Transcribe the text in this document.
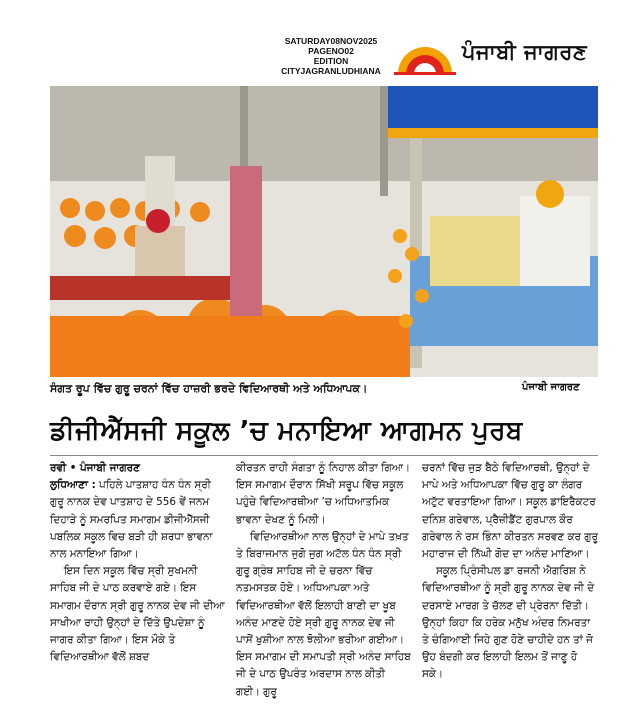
SATURDAY08NOV2025
PAGENO02
EDITION
CITYJAGRANLUDHIANA
ਪੰਜਾਬੀ ਜਾਗਰਣ
ਸੰਗਤ ਰੂਪ ਵਿੱਚ ਗੁਰੂ ਚਰਨਾਂ ਵਿੱਚ ਹਾਜ਼ਰੀ ਭਰਦੇ ਵਿਦਿਆਰਥੀ ਅਤੇ ਅਧਿਆਪਕ।	ਪੰਜਾਬੀ ਜਾਗਰਣ
ਡੀਜੀਐੱਸਜੀ ਸਕੂਲ ’ਚ ਮਨਾਇਆ ਆਗਮਨ ਪੁਰਬ

ਰਵੀ • ਪੰਜਾਬੀ ਜਾਗਰਣ

ਲੁਧਿਆਣਾ : ਪਹਿਲੇ ਪਾਤਸ਼ਾਹ ਧੰਨ ਧੰਨ ਸ੍ਰੀ ਗੁਰੂ ਨਾਨਕ ਦੇਵ ਪਾਤਸ਼ਾਹ ਦੇ 556 ਵੇਂ ਜਨਮ ਦਿਹਾੜੇ ਨੂੰ ਸਮਰਪਿਤ ਸਮਾਗਮ ਡੀਜੀਐੱਸਜੀ ਪਬਲਿਕ ਸਕੂਲ ਵਿਚ ਬੜੀ ਹੀ ਸ਼ਰਧਾ ਭਾਵਨਾ ਨਾਲ ਮਨਾਇਆ ਗਿਆ।

ਇਸ ਦਿਨ ਸਕੂਲ ਵਿੱਚ ਸ੍ਰੀ ਸੁਖਮਨੀ ਸਾਹਿਬ ਜੀ ਦੇ ਪਾਠ ਕਰਵਾਏ ਗਏ। ਇਸ ਸਮਾਗਮ ਦੌਰਾਨ ਸ੍ਰੀ ਗੁਰੂ ਨਾਨਕ ਦੇਵ ਜੀ ਦੀਆ ਸਾਖੀਆ ਰਾਹੀ ਉਨ੍ਹਾਂ ਦੇ ਦਿੱਤੇ ਉਪਦੇਸ਼ਾ ਨੂੰ ਜਾਗਰ ਕੀਤਾ ਗਿਆ। ਇਸ ਮੌਕੇ ਤੇ ਵਿਦਿਆਰਥੀਆ ਵੱਲੋਂ ਸ਼ਬਦ

ਕੀਰਤਨ ਰਾਹੀ ਸੰਗਤਾ ਨੂੰ ਨਿਹਾਲ ਕੀਤਾ ਗਿਆ। ਇਸ ਸਮਾਗਮ ਦੌਰਾਨ ਸਿੱਖੀ ਸਰੂਪ ਵਿੱਚ ਸਕੂਲ ਪਹੁੰਚੇ ਵਿਦਿਆਰਥੀਆ ’ਚ ਅਧਿਆਤਮਿਕ ਭਾਵਨਾ ਦੇਖਣ ਨੂੰ ਮਿਲੀ।

ਵਿਦਿਆਰਥੀਆ ਨਾਲ ਉਨ੍ਹਾਂ ਦੇ ਮਾਪੇ ਤਖ਼ਤ ਤੇ ਬਿਰਾਜਮਾਨ ਜੁਗੋ ਜੁਗ ਅਟੱਲ ਧੰਨ ਧੰਨ ਸ੍ਰੀ ਗੁਰੂ ਗ੍ਰੰਥ ਸਾਹਿਬ ਜੀ ਦੇ ਚਰਨਾ ਵਿੱਚ ਨਤਮਸਤਕ ਹੋਏ। ਅਧਿਆਪਕਾ ਅਤੇ ਵਿਦਿਆਰਥੀਆ ਵੱਲੋਂ ਇਲਾਹੀ ਬਾਣੀ ਦਾ ਖੂਬ ਅਨੰਦ ਮਾਣਦੇ ਹੋਏ ਸ੍ਰੀ ਗੁਰੂ ਨਾਨਕ ਦੇਵ ਜੀ ਪਾਸੋਂ ਖੁਸ਼ੀਆ ਨਾਲ ਝੋਲੀਆ ਭਰੀਆ ਗਈਆ। ਇਸ ਸਮਾਗਮ ਦੀ ਸਮਾਪਤੀ ਸ੍ਰੀ ਅਨੰਦ ਸਾਹਿਬ ਜੀ ਦੇ ਪਾਠ ਉਪਰੰਤ ਅਰਦਾਸ ਨਾਲ ਕੀਤੀ ਗਈ। ਗੁਰੂ

ਚਰਨਾਂ ਵਿੱਚ ਜੁੜ ਬੈਠੇ ਵਿਦਿਆਰਥੀ, ਉਨ੍ਹਾਂ ਦੇ ਮਾਪੇ ਅਤੇ ਅਧਿਆਪਕਾ ਵਿੱਚ ਗੁਰੂ ਕਾ ਲੰਗਰ ਅਟੁੱਟ ਵਰਤਾਇਆ ਗਿਆ। ਸਕੂਲ ਡਾਇਰੈਕਟਰ ਦਨਿਸ਼ ਗਰੇਵਾਲ, ਪ੍ਰੈਜ਼ੀਡੈਂਟ ਗੁਰਪਾਲ ਕੌਰ ਗਰੇਵਾਲ ਨੇ ਰਸ ਭਿੰਨਾ ਕੀਰਤਨ ਸਰਵਣ ਕਰ ਗੁਰੂ ਮਹਾਰਾਜ ਦੀ ਨਿੱਘੀ ਗੋਦ ਦਾ ਅਨੰਦ ਮਾਣਿਆ।

ਸਕੂਲ ਪ੍ਰਿੰਸੀਪਲ ਡਾ ਰਜਨੀ ਐਗਰਿਸ਼ ਨੇ ਵਿਦਿਆਰਥੀਆ ਨੂੰ ਸ੍ਰੀ ਗੁਰੂ ਨਾਨਕ ਦੇਵ ਜੀ ਦੇ ਦਰਸਾਏ ਮਾਰਗ ਤੇ ਚੱਲਣ ਦੀ ਪ੍ਰੇਰਨਾ ਦਿੱਤੀ। ਉਨ੍ਹਾਂ ਕਿਹਾ ਕਿ ਹਰੇਕ ਮਨੁੱਖ ਅੰਦਰ ਨਿਮਰਤਾ ਤੇ ਚੰਗਿਆਈ ਜਿਹੇ ਗੁਣ ਹੋਣੇ ਚਾਹੀਦੇ ਹਨ ਤਾਂ ਜੋ ਉਹ ਬੰਦਗੀ ਕਰ ਇਲਾਹੀ ਇਲਮ ਤੋਂ ਜਾਣੂ ਹੋ ਸਕੇ।
